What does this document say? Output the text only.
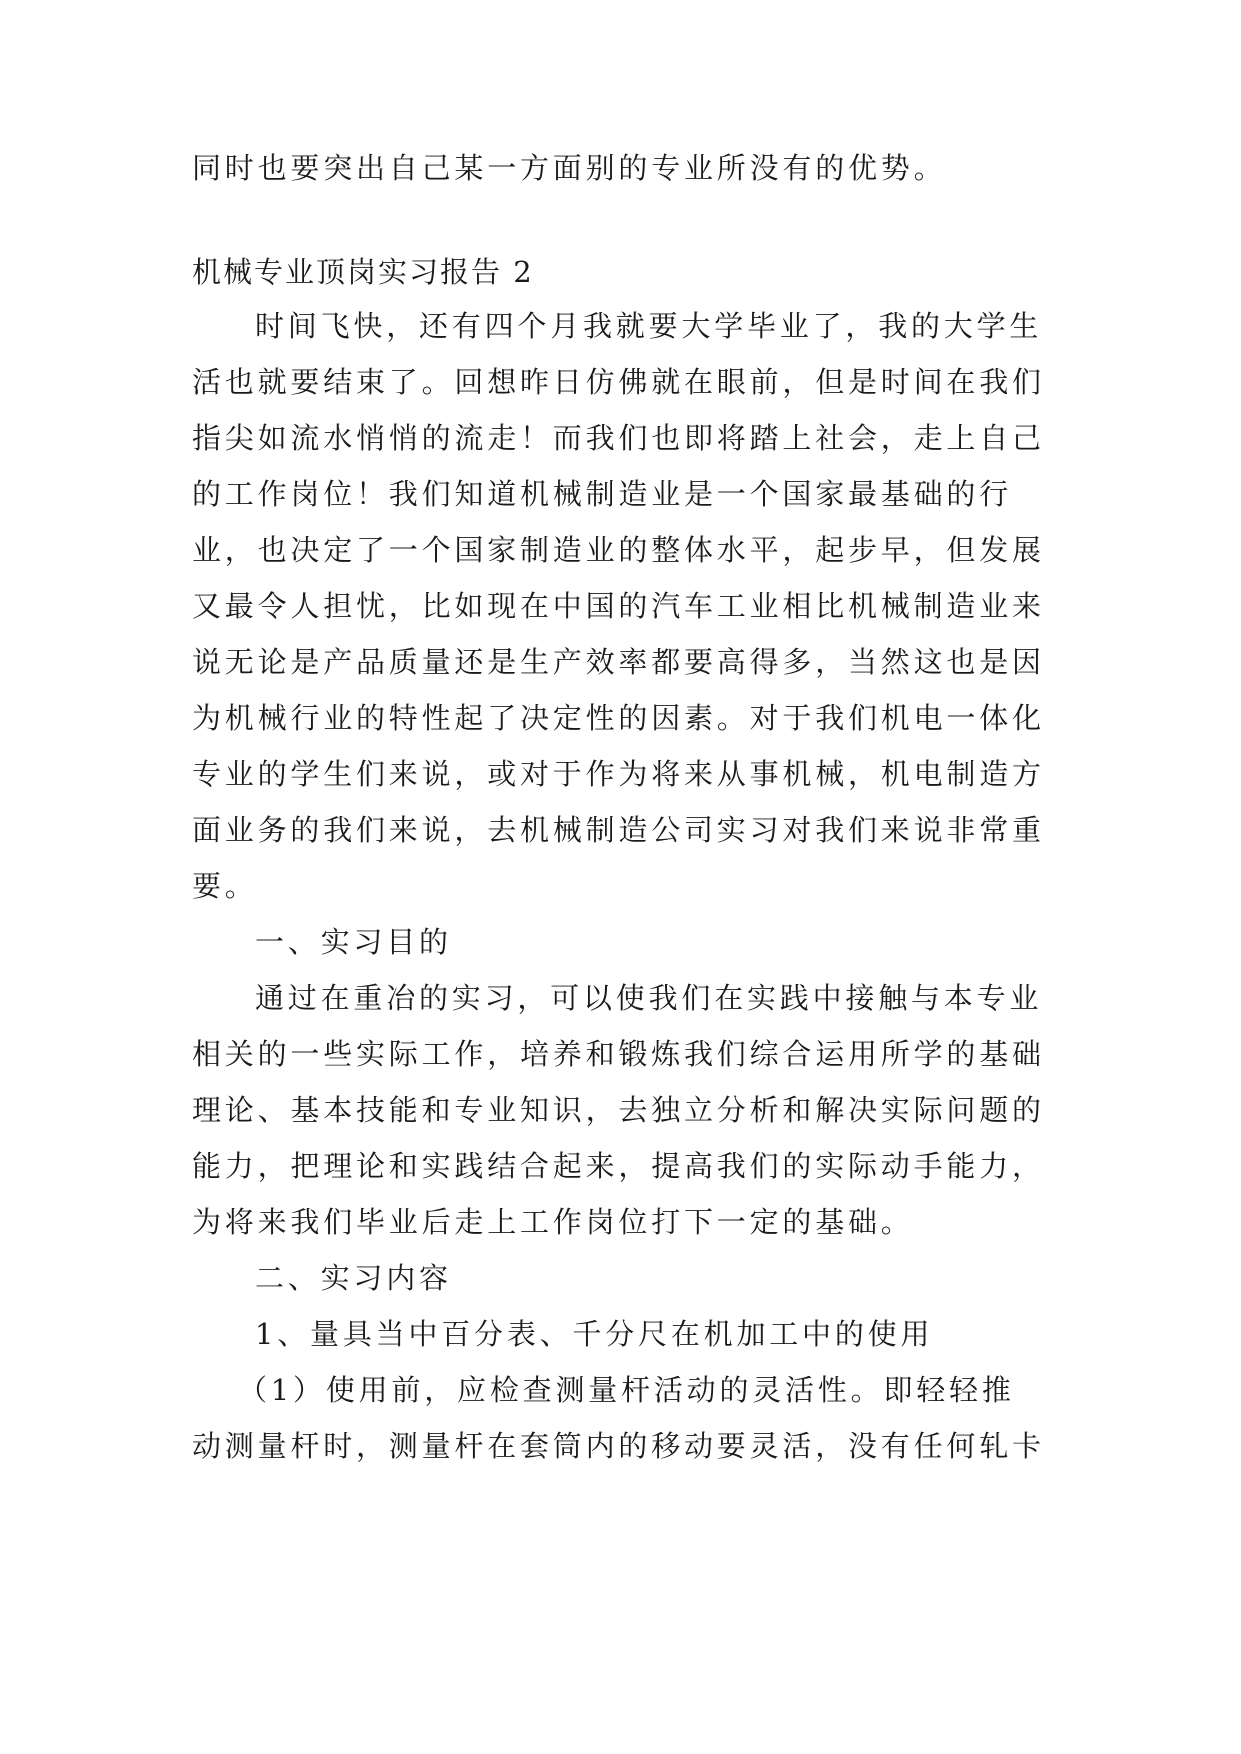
同时也要突出自己某一方面别的专业所没有的优势。

机械专业顶岗实习报告 2

时间飞快，还有四个月我就要大学毕业了，我的大学生

活也就要结束了。回想昨日仿佛就在眼前，但是时间在我们

指尖如流水悄悄的流走！而我们也即将踏上社会，走上自己

的工作岗位！我们知道机械制造业是一个国家最基础的行

业，也决定了一个国家制造业的整体水平，起步早，但发展

又最令人担忧，比如现在中国的汽车工业相比机械制造业来

说无论是产品质量还是生产效率都要高得多，当然这也是因

为机械行业的特性起了决定性的因素。对于我们机电一体化

专业的学生们来说，或对于作为将来从事机械，机电制造方

面业务的我们来说，去机械制造公司实习对我们来说非常重

要。

一、实习目的

通过在重冶的实习，可以使我们在实践中接触与本专业

相关的一些实际工作，培养和锻炼我们综合运用所学的基础

理论、基本技能和专业知识，去独立分析和解决实际问题的

能力，把理论和实践结合起来，提高我们的实际动手能力，

为将来我们毕业后走上工作岗位打下一定的基础。

二、实习内容

1、量具当中百分表、千分尺在机加工中的使用

（1）使用前，应检查测量杆活动的灵活性。即轻轻推

动测量杆时，测量杆在套筒内的移动要灵活，没有任何轧卡
